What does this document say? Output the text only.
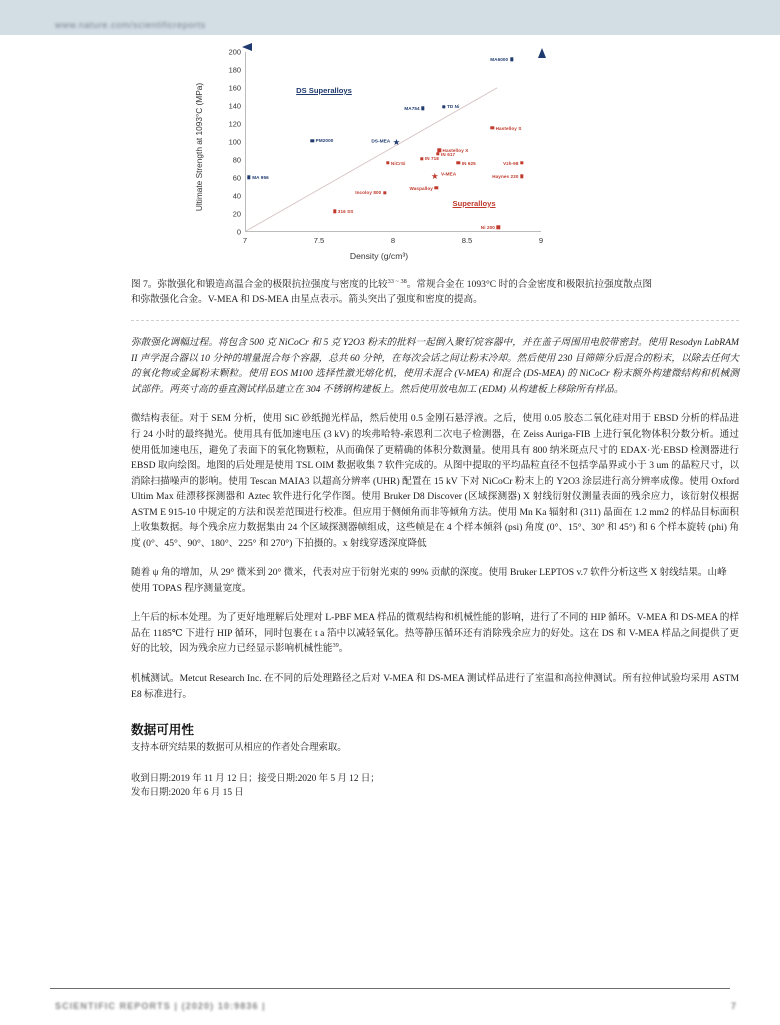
www.nature.com/scientificreports
Ultimate Strength at 1093°C (MPa)
200
180
160
140
120
100
80
60
40
20
0
DS Superalloys
Superalloys
MA6000
TD Ni
MA754
PM2000
MA 956
Hastelloy S
Hastelloy X
IN 617
IN 718
NiCrSi	IN 625	Vzh-98
Haynes 230
Waspalloy
Incoloy 800
316 SS
Ni 200
★
DS-MEA
★ V-MEA
7	7.5	8	8.5	9
Density (g/cm³)

图 7。弥散强化和锻造高温合金的极限抗拉强度与密度的比较$^{33 \sim 38}$。常规合金在 1093°C 时的合金密度和极限抗拉强度散点图
和弥散强化合金。V-MEA 和 DS-MEA 由星点表示。箭头突出了强度和密度的提高。

弥散强化调幅过程。将包含 500 克 NiCoCr 和 5 克 Y2O3 粉末的批料一起倒入聚钌烷容器中，并在盖子周围用电胶带密封。使用 Resodyn LabRAM II 声学混合器以 10 分钟的增量混合每个容器，总共 60 分钟，在每次会话之间让粉末冷却。然后使用 230 目筛筛分后混合的粉末，以除去任何大的氧化物或金属粉末颗粒。使用 EOS M100 选择性激光熔化机，使用未混合 (V-MEA) 和混合 (DS-MEA) 的 NiCoCr 粉末额外构建微结构和机械测试部件。两英寸高的垂直测试样品建立在 304 不锈钢构建板上。然后使用放电加工 (EDM) 从构建板上移除所有样品。

微结构表征。对于 SEM 分析，使用 SiC 砂纸抛光样品，然后使用 0.5 金刚石悬浮液。之后，使用 0.05 胶态二氧化硅对用于 EBSD 分析的样品进行 24 小时的最终抛光。使用具有低加速电压 (3 kV) 的埃弗哈特-索恩利二次电子检测器，在 Zeiss Auriga-FIB 上进行氧化物体积分数分析。通过使用低加速电压，避免了表面下的氧化物颗粒，从而确保了更精确的体积分数测量。使用具有 800 纳米斑点尺寸的 EDAX·光·EBSD 检测器进行 EBSD 取向绘图。地图的后处理是使用 TSL OIM 数据收集 7 软件完成的。从图中提取的平均晶粒直径不包括孪晶界或小于 3 um 的晶粒尺寸，以消除扫描噪声的影响。使用 Tescan MAIA3 以超高分辨率 (UHR) 配置在 15 kV 下对 NiCoCr 粉末上的 Y2O3 涂层进行高分辨率成像。使用 Oxford Ultim Max 硅漂移探测器和 Aztec 软件进行化学作图。使用 Bruker D8 Discover (区域探测器) X 射线衍射仪测量表面的残余应力，该衍射仪根据 ASTM E 915-10 中规定的方法和误差范围进行校准。但应用于侧倾角而非等倾角方法。使用 Mn Ka 辐射和 (311) 晶面在 1.2 mm2 的样品目标面积上收集数据。每个残余应力数据集由 24 个区域探测器帧组成，这些帧是在 4 个样本倾斜 (psi) 角度 (0°、15°、30° 和 45°) 和 6 个样本旋转 (phi) 角度 (0°、45°、90°、180°、225° 和 270°) 下拍摄的。x 射线穿透深度降低

随着 ψ 角的增加，从 29° 微米到 20° 微米，代表对应于衍射光束的 99% 贡献的深度。使用 Bruker LEPTOS v.7 软件分析这些 X 射线结果。山峰

使用 TOPAS 程序测量宽度。

上午后的标本处理。为了更好地理解后处理对 L-PBF MEA 样品的微观结构和机械性能的影响，进行了不同的 HIP 循环。V-MEA 和 DS-MEA 的样品在 1185℃ 下进行 HIP 循环，同时包裹在 t a 箔中以减轻氧化。热等静压循环还有消除残余应力的好处。这在 DS 和 V-MEA 样品之间提供了更好的比较，因为残余应力已经显示影响机械性能$^{39}$。

机械测试。Metcut Research Inc. 在不同的后处理路径之后对 V-MEA 和 DS-MEA 测试样品进行了室温和高拉伸测试。所有拉伸试验均采用 ASTM E8 标准进行。

数据可用性

支持本研究结果的数据可从相应的作者处合理索取。

收到日期:2019 年 11 月 12 日；接受日期:2020 年 5 月 12 日；
发布日期:2020 年 6 月 15 日

SCIENTIFIC REPORTS | (2020) 10:9836 |	7
